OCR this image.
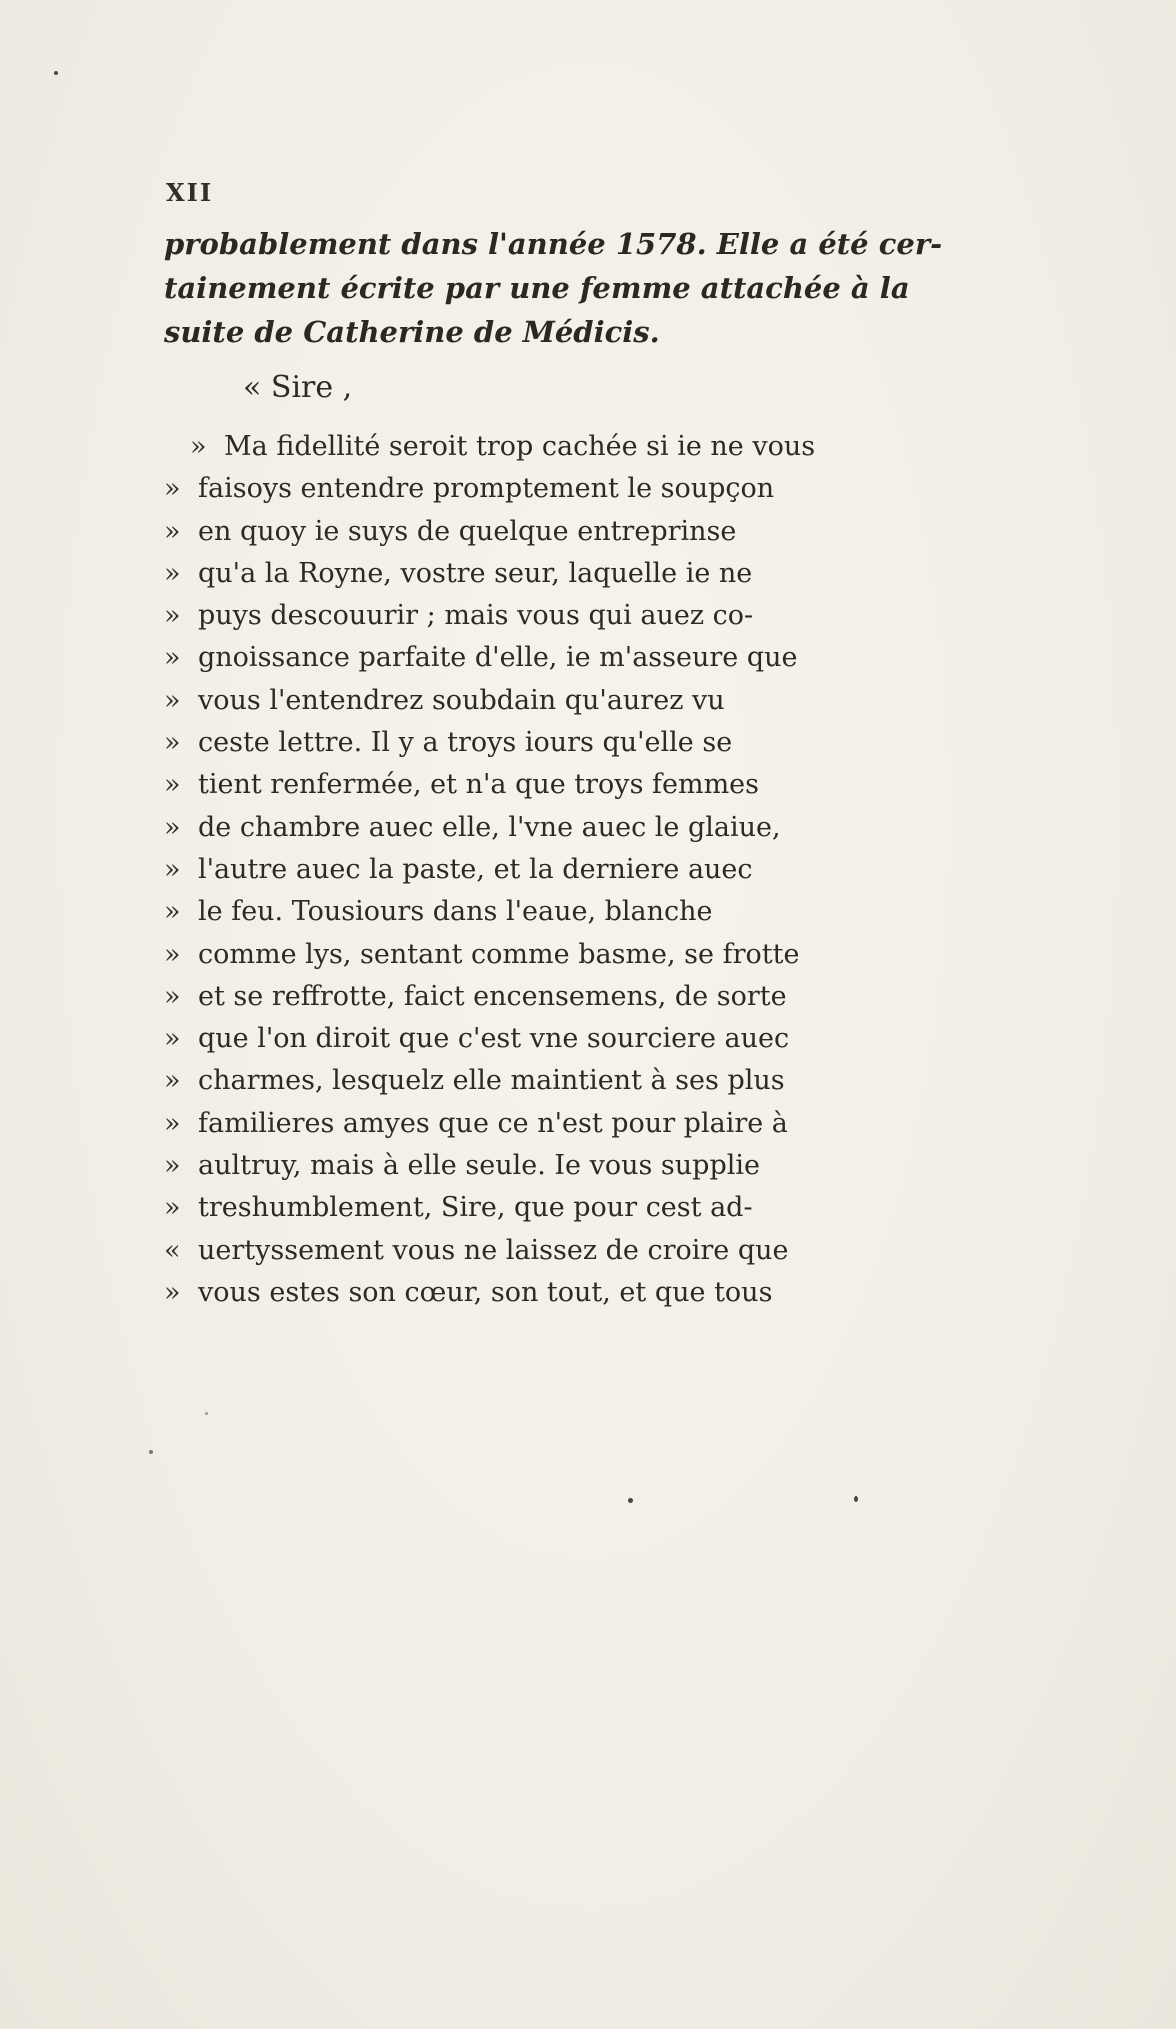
XII
probablement dans l'année 1578. Elle a été cer-
tainement écrite par une femme attachée à la
suite de Catherine de Médicis.
« Sire ,
» Ma fidellité seroit trop cachée si ie ne vous
» faisoys entendre promptement le soupçon
» en quoy ie suys de quelque entreprinse
» qu'a la Royne, vostre seur, laquelle ie ne
» puys descouurir ; mais vous qui auez co-
» gnoissance parfaite d'elle, ie m'asseure que
» vous l'entendrez soubdain qu'aurez vu
» ceste lettre. Il y a troys iours qu'elle se
» tient renfermée, et n'a que troys femmes
» de chambre auec elle, l'vne auec le glaiue,
» l'autre auec la paste, et la derniere auec
» le feu. Tousiours dans l'eaue, blanche
» comme lys, sentant comme basme, se frotte
» et se reffrotte, faict encensemens, de sorte
» que l'on diroit que c'est vne sourciere auec
» charmes, lesquelz elle maintient à ses plus
» familieres amyes que ce n'est pour plaire à
» aultruy, mais à elle seule. Ie vous supplie
» treshumblement, Sire, que pour cest ad-
« uertyssement vous ne laissez de croire que
» vous estes son cœur, son tout, et que tous
